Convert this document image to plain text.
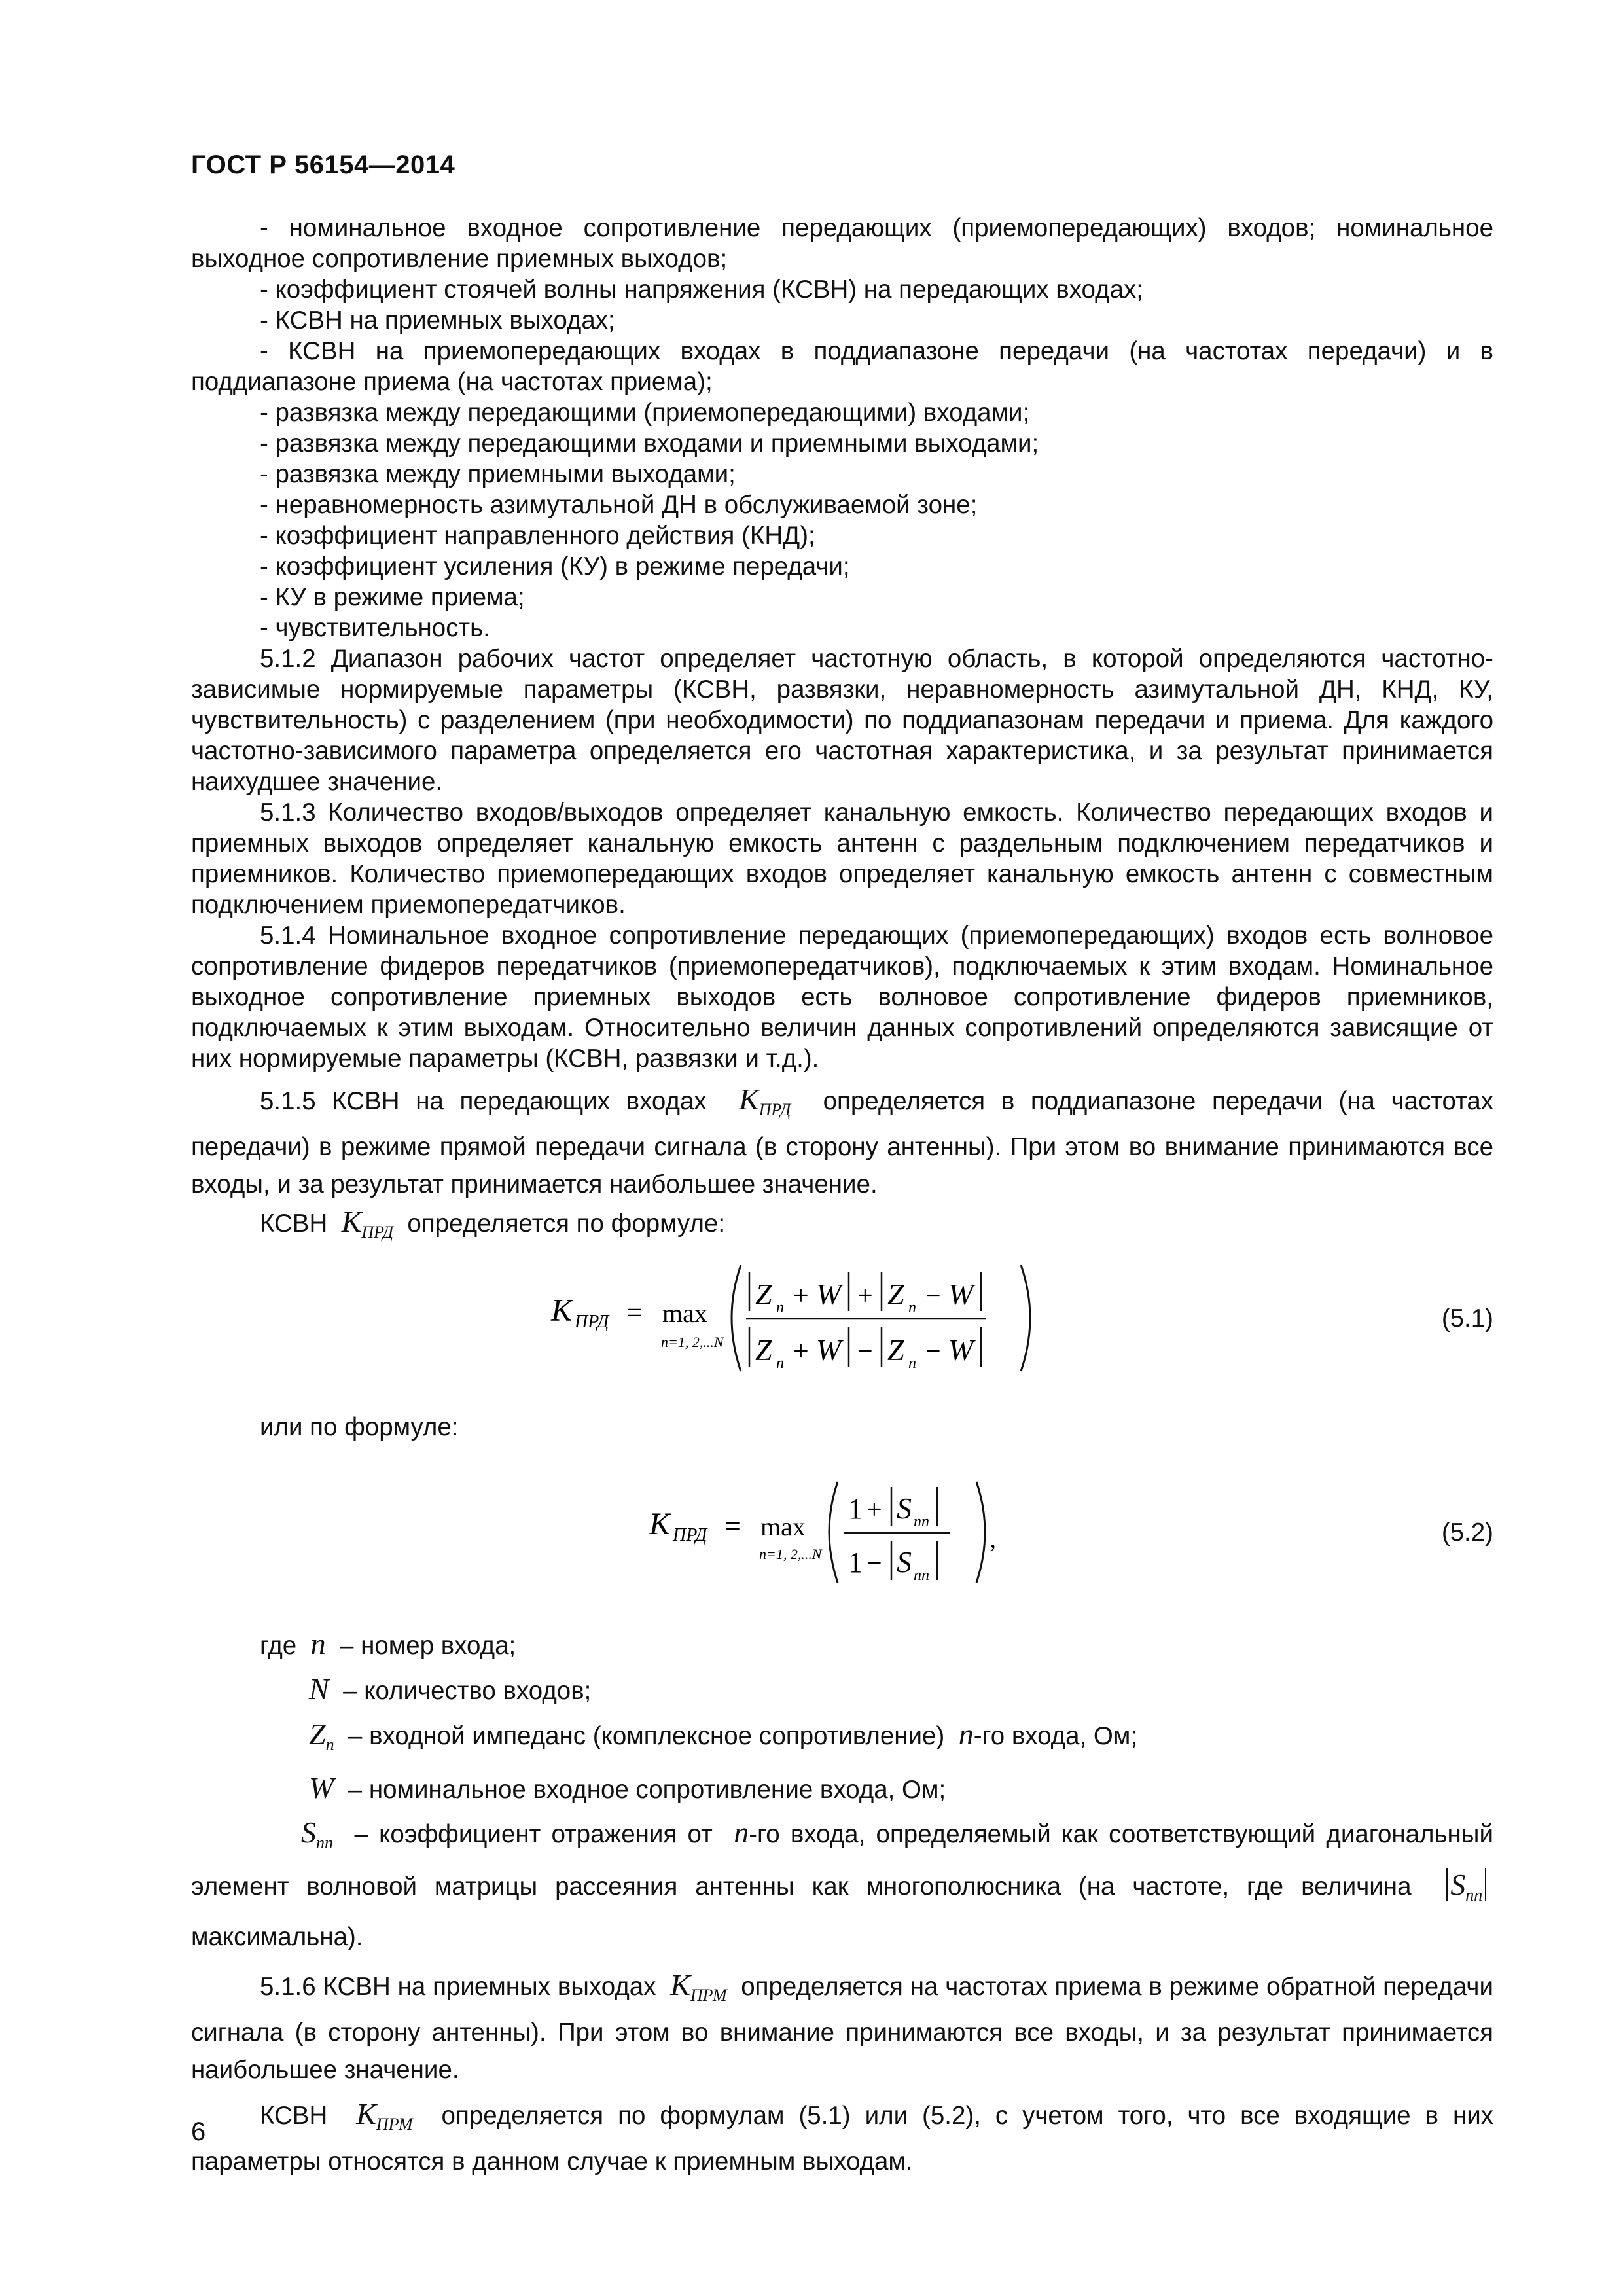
ГОСТ Р 56154—2014

- номинальное входное сопротивление передающих (приемопередающих) входов; номинальное выходное сопротивление приемных выходов;

- коэффициент стоячей волны напряжения (КСВН) на передающих входах;

- КСВН на приемных выходах;

- КСВН на приемопередающих входах в поддиапазоне передачи (на частотах передачи) и в поддиапазоне приема (на частотах приема);

- развязка между передающими (приемопередающими) входами;

- развязка между передающими входами и приемными выходами;

- развязка между приемными выходами;

- неравномерность азимутальной ДН в обслуживаемой зоне;

- коэффициент направленного действия (КНД);

- коэффициент усиления (КУ) в режиме передачи;

- КУ в режиме приема;

- чувствительность.

5.1.2 Диапазон рабочих частот определяет частотную область, в которой определяются частотно-зависимые нормируемые параметры (КСВН, развязки, неравномерность азимутальной ДН, КНД, КУ, чувствительность) с разделением (при необходимости) по поддиапазонам передачи и приема. Для каждого частотно-зависимого параметра определяется его частотная характеристика, и за результат принимается наихудшее значение.

5.1.3 Количество входов/выходов определяет канальную емкость. Количество передающих входов и приемных выходов определяет канальную емкость антенн с раздельным подключением передатчиков и приемников. Количество приемопередающих входов определяет канальную емкость антенн с совместным подключением приемопередатчиков.

5.1.4 Номинальное входное сопротивление передающих (приемопередающих) входов есть волновое сопротивление фидеров передатчиков (приемопередатчиков), подключаемых к этим входам. Номинальное выходное сопротивление приемных выходов есть волновое сопротивление фидеров приемников, подключаемых к этим выходам. Относительно величин данных сопротивлений определяются зависящие от них нормируемые параметры (КСВН, развязки и т.д.).

5.1.5 КСВН на передающих входах $K_{ПРД}$ определяется в поддиапазоне передачи (на частотах передачи) в режиме прямой передачи сигнала (в сторону антенны). При этом во внимание принимаются все входы, и за результат принимается наибольшее значение.

КСВН $K_{ПРД}$ определяется по формуле:

K ПРД = max
n=1, 2,...N
Z n + W + Z n − W
Z n + W − Z n − W
(5.1)

или по формуле:

K ПРД = max
n=1, 2,...N
1 + S nn
1 − S nn
,	(5.2)

где n – номер входа;

N – количество входов;

$Z_n$ – входной импеданс (комплексное сопротивление) n-го входа, Ом;

W – номинальное входное сопротивление входа, Ом;

$S_{nn}$ – коэффициент отражения от n-го входа, определяемый как соответствующий диагональный элемент волновой матрицы рассеяния антенны как многополюсника (на частоте, где величина $S_{nn}$  максимальна).

5.1.6 КСВН на приемных выходах $K_{ПРМ}$ определяется на частотах приема в режиме обратной передачи сигнала (в сторону антенны). При этом во внимание принимаются все входы, и за результат принимается наибольшее значение.

КСВН $K_{ПРМ}$ определяется по формулам (5.1) или (5.2), с учетом того, что все входящие в них параметры относятся в данном случае к приемным выходам.

6
